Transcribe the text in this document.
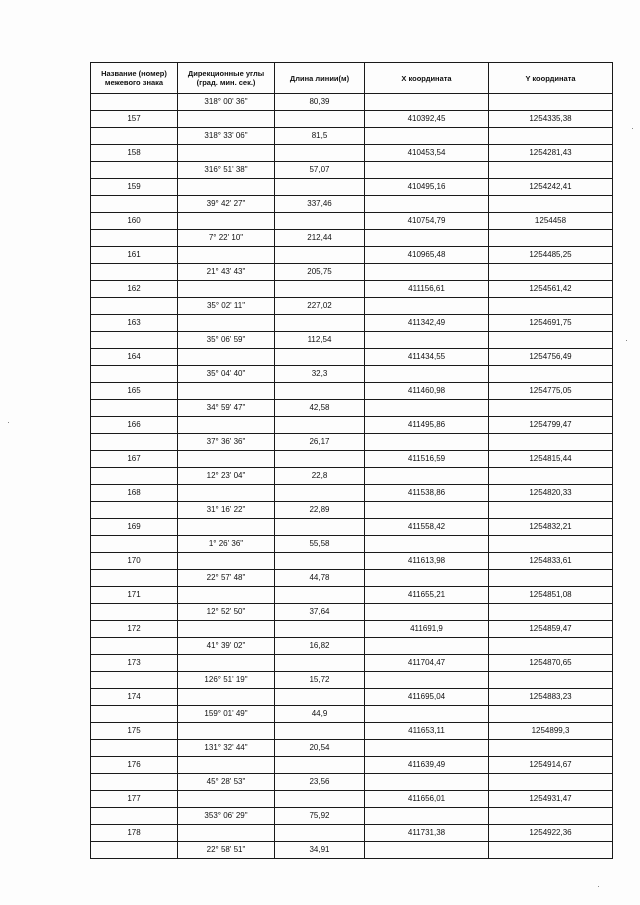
Название (номер) межевого знака	Дирекционные углы (град. мин. сек.)	Длина линии(м)	X координата	Y координата
	318° 00' 36"	80,39		
157			410392,45	1254335,38
	318° 33' 06"	81,5		
158			410453,54	1254281,43
	316° 51' 38"	57,07		
159			410495,16	1254242,41
	39° 42' 27"	337,46		
160			410754,79	1254458
	7° 22' 10"	212,44		
161			410965,48	1254485,25
	21° 43' 43"	205,75		
162			411156,61	1254561,42
	35° 02' 11"	227,02		
163			411342,49	1254691,75
	35° 06' 59"	112,54		
164			411434,55	1254756,49
	35° 04' 40"	32,3		
165			411460,98	1254775,05
	34° 59' 47"	42,58		
166			411495,86	1254799,47
	37° 36' 36"	26,17		
167			411516,59	1254815,44
	12° 23' 04"	22,8		
168			411538,86	1254820,33
	31° 16' 22"	22,89		
169			411558,42	1254832,21
	1° 26' 36"	55,58		
170			411613,98	1254833,61
	22° 57' 48"	44,78		
171			411655,21	1254851,08
	12° 52' 50"	37,64		
172			411691,9	1254859,47
	41° 39' 02"	16,82		
173			411704,47	1254870,65
	126° 51' 19"	15,72		
174			411695,04	1254883,23
	159° 01' 49"	44,9		
175			411653,11	1254899,3
	131° 32' 44"	20,54		
176			411639,49	1254914,67
	45° 28' 53"	23,56		
177			411656,01	1254931,47
	353° 06' 29"	75,92		
178			411731,38	1254922,36
	22° 58' 51"	34,91		
